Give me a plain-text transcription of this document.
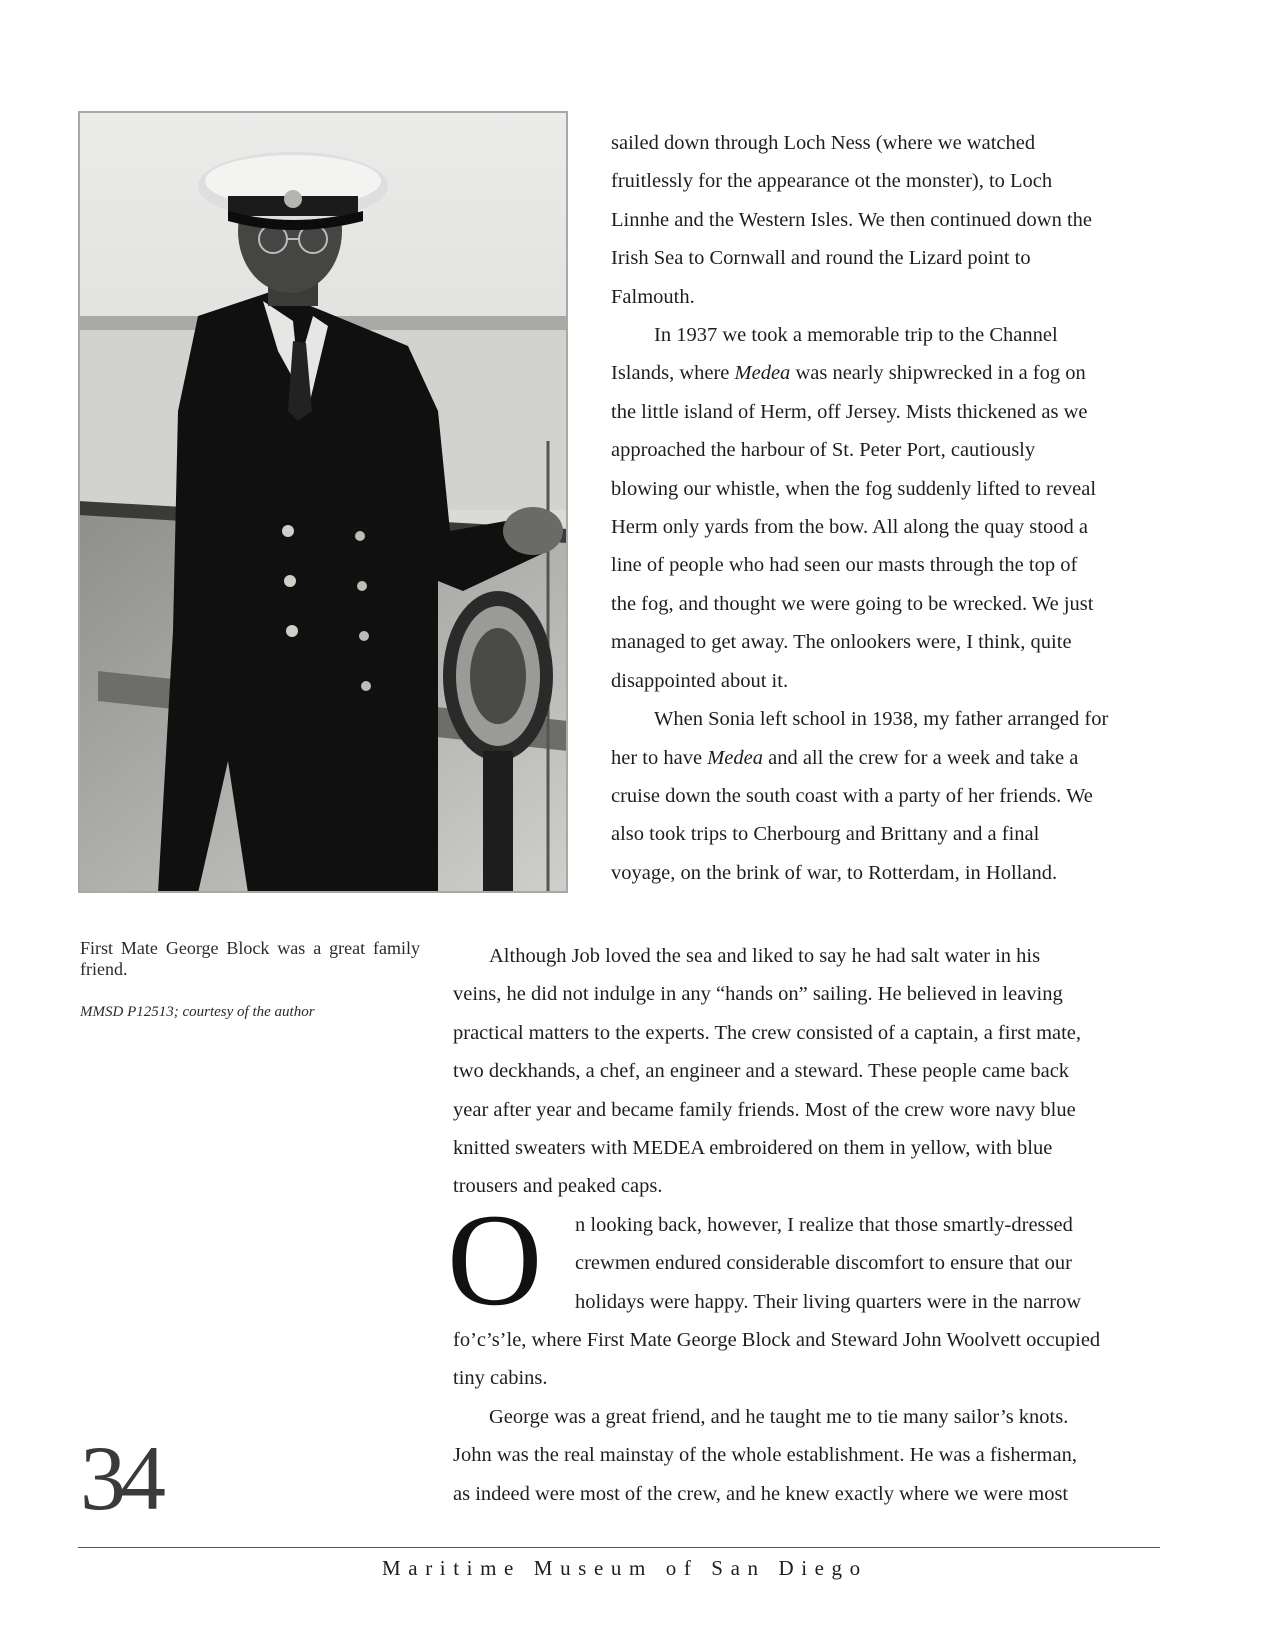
sailed down through Loch Ness (where we watched

fruitlessly for the appearance ot the monster), to Loch

Linnhe and the Western Isles. We then continued down the

Irish Sea to Cornwall and round the Lizard point to

Falmouth.

In 1937 we took a memorable trip to the Channel

Islands, where Medea was nearly shipwrecked in a fog on

the little island of Herm, off Jersey. Mists thickened as we

approached the harbour of St. Peter Port, cautiously

blowing our whistle, when the fog suddenly lifted to reveal

Herm only yards from the bow. All along the quay stood a

line of people who had seen our masts through the top of

the fog, and thought we were going to be wrecked. We just

managed to get away. The onlookers were, I think, quite

disappointed about it.

When Sonia left school in 1938, my father arranged for

her to have Medea and all the crew for a week and take a

cruise down the south coast with a party of her friends. We

also took trips to Cherbourg and Brittany and a final

voyage, on the brink of war, to Rotterdam, in Holland.

First Mate George Block was a great family friend.
MMSD P12513; courtesy of the author

Although Job loved the sea and liked to say he had salt water in his

veins, he did not indulge in any “hands on” sailing. He believed in leaving

practical matters to the experts. The crew consisted of a captain, a first mate,

two deckhands, a chef, an engineer and a steward. These people came back

year after year and became family friends. Most of the crew wore navy blue

knitted sweaters with MEDEA embroidered on them in yellow, with blue

trousers and peaked caps.

O n looking back, however, I realize that those smartly-dressed

crewmen endured considerable discomfort to ensure that our

holidays were happy. Their living quarters were in the narrow

fo’c’s’le, where First Mate George Block and Steward John Woolvett occupied

tiny cabins.

George was a great friend, and he taught me to tie many sailor’s knots.

John was the real mainstay of the whole establishment. He was a fisherman,

as indeed were most of the crew, and he knew exactly where we were most

34
Maritime Museum of San Diego
